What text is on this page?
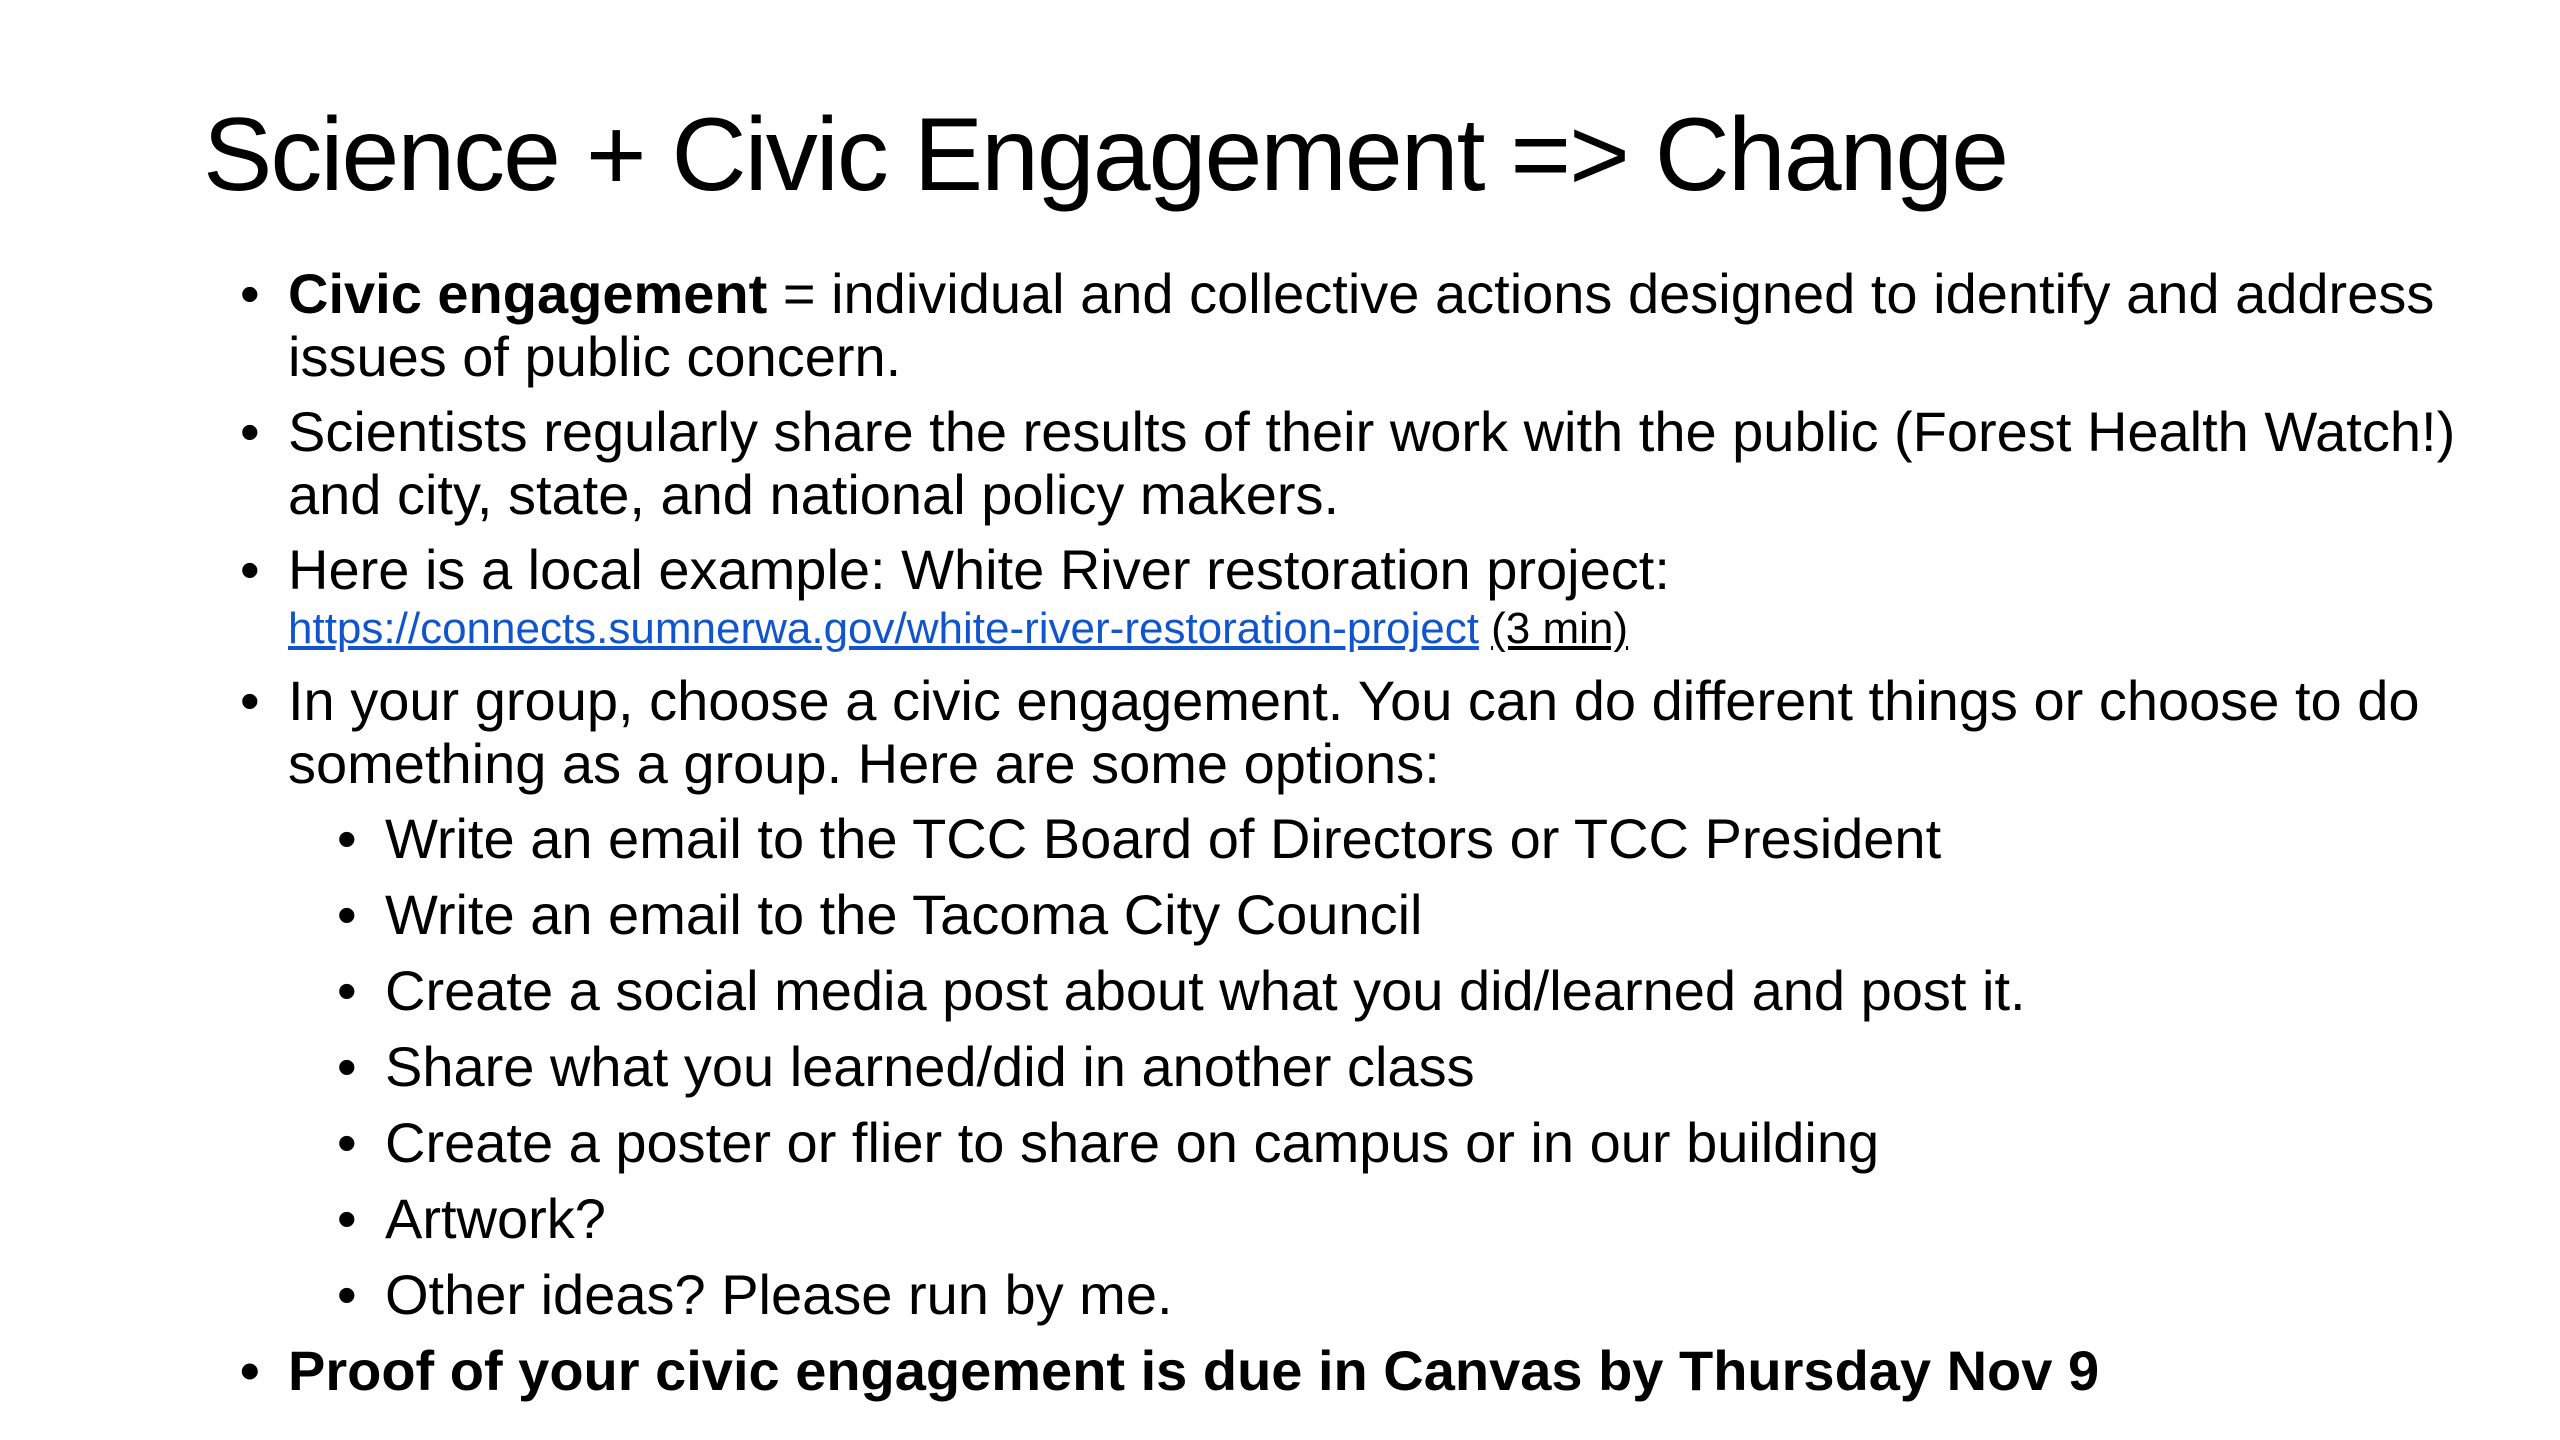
Science + Civic Engagement => Change
• Civic engagement = individual and collective actions designed to identify and address issues of public concern.
• Scientists regularly share the results of their work with the public (Forest Health Watch!) and city, state, and national policy makers.
• Here is a local example: White River restoration project:
https://connects.sumnerwa.gov/white-river-restoration-project (3 min)
• In your group, choose a civic engagement. You can do different things or choose to do something as a group. Here are some options:
• Write an email to the TCC Board of Directors or TCC President
• Write an email to the Tacoma City Council
• Create a social media post about what you did/learned and post it.
• Share what you learned/did in another class
• Create a poster or flier to share on campus or in our building
• Artwork?
• Other ideas? Please run by me.
• Proof of your civic engagement is due in Canvas by Thursday Nov 9
